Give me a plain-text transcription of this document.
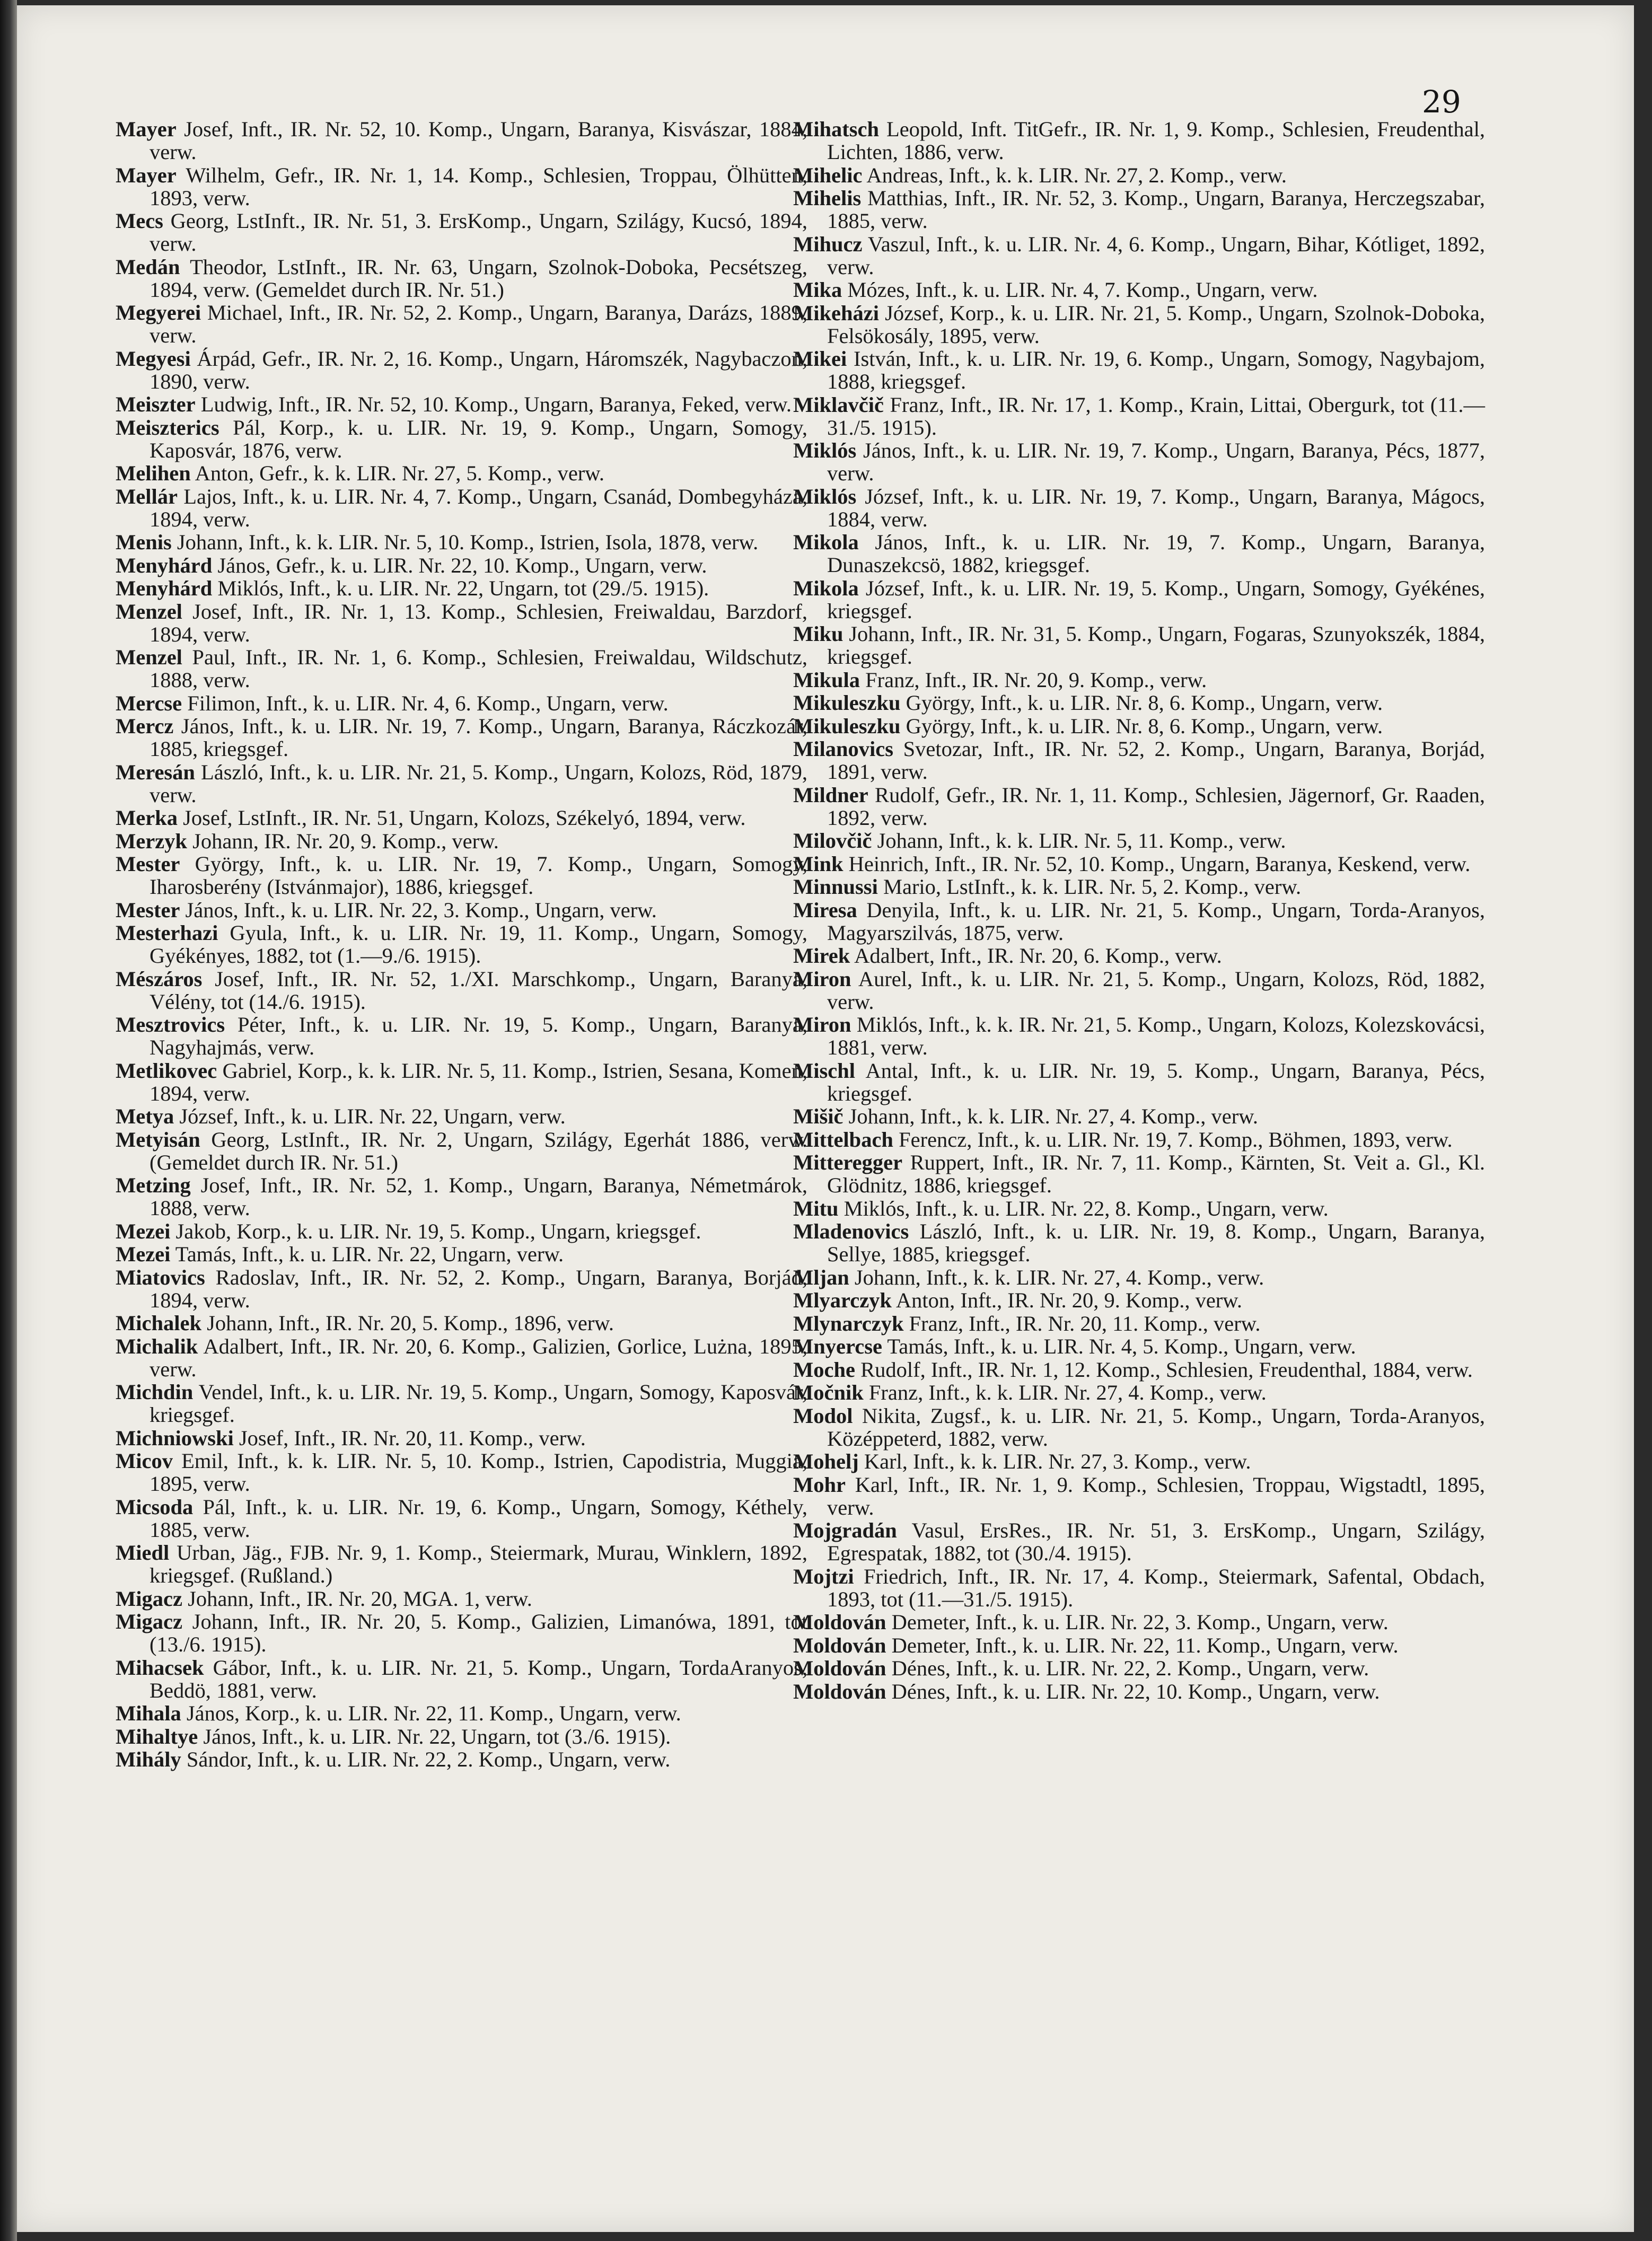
29

Mayer Josef, Inft., IR. Nr. 52, 10. Komp., Ungarn, Baranya, Kisvászar, 1884, verw.

Mayer Wilhelm, Gefr., IR. Nr. 1, 14. Komp., Schlesien, Troppau, Ölhütten, 1893, verw.

Mecs Georg, LstInft., IR. Nr. 51, 3. ErsKomp., Ungarn, Szilágy, Kucsó, 1894, verw.

Medán Theodor, LstInft., IR. Nr. 63, Ungarn, Szolnok-Doboka, Pecsétszeg, 1894, verw. (Gemeldet durch IR. Nr. 51.)

Megyerei Michael, Inft., IR. Nr. 52, 2. Komp., Ungarn, Baranya, Darázs, 1889, verw.

Megyesi Árpád, Gefr., IR. Nr. 2, 16. Komp., Ungarn, Háromszék, Nagybaczon, 1890, verw.

Meiszter Ludwig, Inft., IR. Nr. 52, 10. Komp., Ungarn, Baranya, Feked, verw.

Meiszterics Pál, Korp., k. u. LIR. Nr. 19, 9. Komp., Ungarn, Somogy, Kaposvár, 1876, verw.

Melihen Anton, Gefr., k. k. LIR. Nr. 27, 5. Komp., verw.

Mellár Lajos, Inft., k. u. LIR. Nr. 4, 7. Komp., Ungarn, Csanád, Dombegyháza, 1894, verw.

Menis Johann, Inft., k. k. LIR. Nr. 5, 10. Komp., Istrien, Isola, 1878, verw.

Menyhárd János, Gefr., k. u. LIR. Nr. 22, 10. Komp., Ungarn, verw.

Menyhárd Miklós, Inft., k. u. LIR. Nr. 22, Ungarn, tot (29./5. 1915).

Menzel Josef, Inft., IR. Nr. 1, 13. Komp., Schlesien, Freiwaldau, Barzdorf, 1894, verw.

Menzel Paul, Inft., IR. Nr. 1, 6. Komp., Schlesien, Freiwaldau, Wildschutz, 1888, verw.

Mercse Filimon, Inft., k. u. LIR. Nr. 4, 6. Komp., Ungarn, verw.

Mercz János, Inft., k. u. LIR. Nr. 19, 7. Komp., Ungarn, Baranya, Ráczkozár, 1885, kriegsgef.

Meresán László, Inft., k. u. LIR. Nr. 21, 5. Komp., Ungarn, Kolozs, Röd, 1879, verw.

Merka Josef, LstInft., IR. Nr. 51, Ungarn, Kolozs, Székelyó, 1894, verw.

Merzyk Johann, IR. Nr. 20, 9. Komp., verw.

Mester György, Inft., k. u. LIR. Nr. 19, 7. Komp., Ungarn, Somogy, Iharosberény (Istvánmajor), 1886, kriegsgef.

Mester János, Inft., k. u. LIR. Nr. 22, 3. Komp., Ungarn, verw.

Mesterhazi Gyula, Inft., k. u. LIR. Nr. 19, 11. Komp., Ungarn, Somogy, Gyékényes, 1882, tot (1.—9./6. 1915).

Mészáros Josef, Inft., IR. Nr. 52, 1./XI. Marschkomp., Ungarn, Baranya, Vélény, tot (14./6. 1915).

Mesztrovics Péter, Inft., k. u. LIR. Nr. 19, 5. Komp., Ungarn, Baranya, Nagyhajmás, verw.

Metlikovec Gabriel, Korp., k. k. LIR. Nr. 5, 11. Komp., Istrien, Sesana, Komen, 1894, verw.

Metya József, Inft., k. u. LIR. Nr. 22, Ungarn, verw.

Metyisán Georg, LstInft., IR. Nr. 2, Ungarn, Szilágy, Egerhát 1886, verw. (Gemeldet durch IR. Nr. 51.)

Metzing Josef, Inft., IR. Nr. 52, 1. Komp., Ungarn, Baranya, Németmárok, 1888, verw.

Mezei Jakob, Korp., k. u. LIR. Nr. 19, 5. Komp., Ungarn, kriegsgef.

Mezei Tamás, Inft., k. u. LIR. Nr. 22, Ungarn, verw.

Miatovics Radoslav, Inft., IR. Nr. 52, 2. Komp., Ungarn, Baranya, Borjád, 1894, verw.

Michalek Johann, Inft., IR. Nr. 20, 5. Komp., 1896, verw.

Michalik Adalbert, Inft., IR. Nr. 20, 6. Komp., Galizien, Gorlice, Lużna, 1895, verw.

Michdin Vendel, Inft., k. u. LIR. Nr. 19, 5. Komp., Ungarn, Somogy, Kaposvár, kriegsgef.

Michniowski Josef, Inft., IR. Nr. 20, 11. Komp., verw.

Micov Emil, Inft., k. k. LIR. Nr. 5, 10. Komp., Istrien, Capodistria, Muggia, 1895, verw.

Micsoda Pál, Inft., k. u. LIR. Nr. 19, 6. Komp., Ungarn, Somogy, Kéthely, 1885, verw.

Miedl Urban, Jäg., FJB. Nr. 9, 1. Komp., Steiermark, Murau, Winklern, 1892, kriegsgef. (Rußland.)

Migacz Johann, Inft., IR. Nr. 20, MGA. 1, verw.

Migacz Johann, Inft., IR. Nr. 20, 5. Komp., Galizien, Limanówa, 1891, tot (13./6. 1915).

Mihacsek Gábor, Inft., k. u. LIR. Nr. 21, 5. Komp., Ungarn, TordaAranyos, Beddö, 1881, verw.

Mihala János, Korp., k. u. LIR. Nr. 22, 11. Komp., Ungarn, verw.

Mihaltye János, Inft., k. u. LIR. Nr. 22, Ungarn, tot (3./6. 1915).

Mihály Sándor, Inft., k. u. LIR. Nr. 22, 2. Komp., Ungarn, verw.

Mihatsch Leopold, Inft. TitGefr., IR. Nr. 1, 9. Komp., Schlesien, Freudenthal, Lichten, 1886, verw.

Mihelic Andreas, Inft., k. k. LIR. Nr. 27, 2. Komp., verw.

Mihelis Matthias, Inft., IR. Nr. 52, 3. Komp., Ungarn, Baranya, Herczegszabar, 1885, verw.

Mihucz Vaszul, Inft., k. u. LIR. Nr. 4, 6. Komp., Ungarn, Bihar, Kótliget, 1892, verw.

Mika Mózes, Inft., k. u. LIR. Nr. 4, 7. Komp., Ungarn, verw.

Mikeházi József, Korp., k. u. LIR. Nr. 21, 5. Komp., Ungarn, Szolnok-Doboka, Felsökosály, 1895, verw.

Mikei István, Inft., k. u. LIR. Nr. 19, 6. Komp., Ungarn, Somogy, Nagybajom, 1888, kriegsgef.

Miklavčič Franz, Inft., IR. Nr. 17, 1. Komp., Krain, Littai, Obergurk, tot (11.—31./5. 1915).

Miklós János, Inft., k. u. LIR. Nr. 19, 7. Komp., Ungarn, Baranya, Pécs, 1877, verw.

Miklós József, Inft., k. u. LIR. Nr. 19, 7. Komp., Ungarn, Baranya, Mágocs, 1884, verw.

Mikola János, Inft., k. u. LIR. Nr. 19, 7. Komp., Ungarn, Baranya, Dunaszekcsö, 1882, kriegsgef.

Mikola József, Inft., k. u. LIR. Nr. 19, 5. Komp., Ungarn, Somogy, Gyékénes, kriegsgef.

Miku Johann, Inft., IR. Nr. 31, 5. Komp., Ungarn, Fogaras, Szunyokszék, 1884, kriegsgef.

Mikula Franz, Inft., IR. Nr. 20, 9. Komp., verw.

Mikuleszku György, Inft., k. u. LIR. Nr. 8, 6. Komp., Ungarn, verw.

Mikuleszku György, Inft., k. u. LIR. Nr. 8, 6. Komp., Ungarn, verw.

Milanovics Svetozar, Inft., IR. Nr. 52, 2. Komp., Ungarn, Baranya, Borjád, 1891, verw.

Mildner Rudolf, Gefr., IR. Nr. 1, 11. Komp., Schlesien, Jägernorf, Gr. Raaden, 1892, verw.

Milovčič Johann, Inft., k. k. LIR. Nr. 5, 11. Komp., verw.

Mink Heinrich, Inft., IR. Nr. 52, 10. Komp., Ungarn, Baranya, Keskend, verw.

Minnussi Mario, LstInft., k. k. LIR. Nr. 5, 2. Komp., verw.

Miresa Denyila, Inft., k. u. LIR. Nr. 21, 5. Komp., Ungarn, Torda-Aranyos, Magyarszilvás, 1875, verw.

Mirek Adalbert, Inft., IR. Nr. 20, 6. Komp., verw.

Miron Aurel, Inft., k. u. LIR. Nr. 21, 5. Komp., Ungarn, Kolozs, Röd, 1882, verw.

Miron Miklós, Inft., k. k. IR. Nr. 21, 5. Komp., Ungarn, Kolozs, Kolezskovácsi, 1881, verw.

Mischl Antal, Inft., k. u. LIR. Nr. 19, 5. Komp., Ungarn, Baranya, Pécs, kriegsgef.

Mišič Johann, Inft., k. k. LIR. Nr. 27, 4. Komp., verw.

Mittelbach Ferencz, Inft., k. u. LIR. Nr. 19, 7. Komp., Böhmen, 1893, verw.

Mitteregger Ruppert, Inft., IR. Nr. 7, 11. Komp., Kärnten, St. Veit a. Gl., Kl. Glödnitz, 1886, kriegsgef.

Mitu Miklós, Inft., k. u. LIR. Nr. 22, 8. Komp., Ungarn, verw.

Mladenovics László, Inft., k. u. LIR. Nr. 19, 8. Komp., Ungarn, Baranya, Sellye, 1885, kriegsgef.

Mljan Johann, Inft., k. k. LIR. Nr. 27, 4. Komp., verw.

Mlyarczyk Anton, Inft., IR. Nr. 20, 9. Komp., verw.

Mlynarczyk Franz, Inft., IR. Nr. 20, 11. Komp., verw.

Mnyercse Tamás, Inft., k. u. LIR. Nr. 4, 5. Komp., Ungarn, verw.

Moche Rudolf, Inft., IR. Nr. 1, 12. Komp., Schlesien, Freudenthal, 1884, verw.

Močnik Franz, Inft., k. k. LIR. Nr. 27, 4. Komp., verw.

Modol Nikita, Zugsf., k. u. LIR. Nr. 21, 5. Komp., Ungarn, Torda-Aranyos, Középpeterd, 1882, verw.

Mohelj Karl, Inft., k. k. LIR. Nr. 27, 3. Komp., verw.

Mohr Karl, Inft., IR. Nr. 1, 9. Komp., Schlesien, Troppau, Wigstadtl, 1895, verw.

Mojgradán Vasul, ErsRes., IR. Nr. 51, 3. ErsKomp., Ungarn, Szilágy, Egrespatak, 1882, tot (30./4. 1915).

Mojtzi Friedrich, Inft., IR. Nr. 17, 4. Komp., Steiermark, Safental, Obdach, 1893, tot (11.—31./5. 1915).

Moldován Demeter, Inft., k. u. LIR. Nr. 22, 3. Komp., Ungarn, verw.

Moldován Demeter, Inft., k. u. LIR. Nr. 22, 11. Komp., Ungarn, verw.

Moldován Dénes, Inft., k. u. LIR. Nr. 22, 2. Komp., Ungarn, verw.

Moldován Dénes, Inft., k. u. LIR. Nr. 22, 10. Komp., Ungarn, verw.
